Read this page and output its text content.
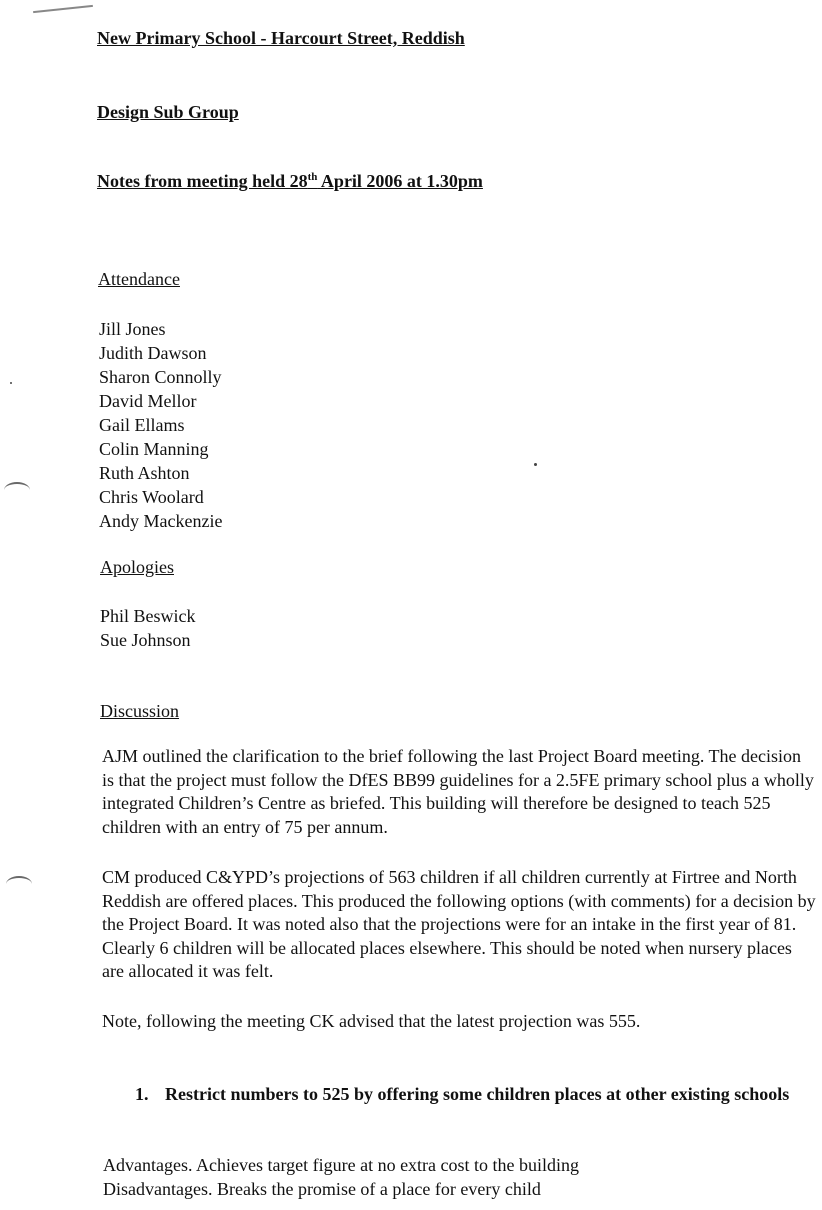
New Primary School - Harcourt Street, Reddish
Design Sub Group
Notes from meeting held 28th April 2006 at 1.30pm
Attendance
Jill Jones
Judith Dawson
Sharon Connolly
David Mellor
Gail Ellams
Colin Manning
Ruth Ashton
Chris Woolard
Andy Mackenzie
Apologies
Phil Beswick
Sue Johnson
Discussion

AJM outlined the clarification to the brief following the last Project Board meeting. The decision is that the project must follow the DfES BB99 guidelines for a 2.5FE primary school plus a wholly integrated Children’s Centre as briefed. This building will therefore be designed to teach 525 children with an entry of 75 per annum.

CM produced C&YPD’s projections of 563 children if all children currently at Firtree and North Reddish are offered places. This produced the following options (with comments) for a decision by the Project Board. It was noted also that the projections were for an intake in the first year of 81. Clearly 6 children will be allocated places elsewhere. This should be noted when nursery places are allocated it was felt.

Note, following the meeting CK advised that the latest projection was 555.

1. Restrict numbers to 525 by offering some children places at other existing schools

Advantages. Achieves target figure at no extra cost to the building

Disadvantages. Breaks the promise of a place for every child
